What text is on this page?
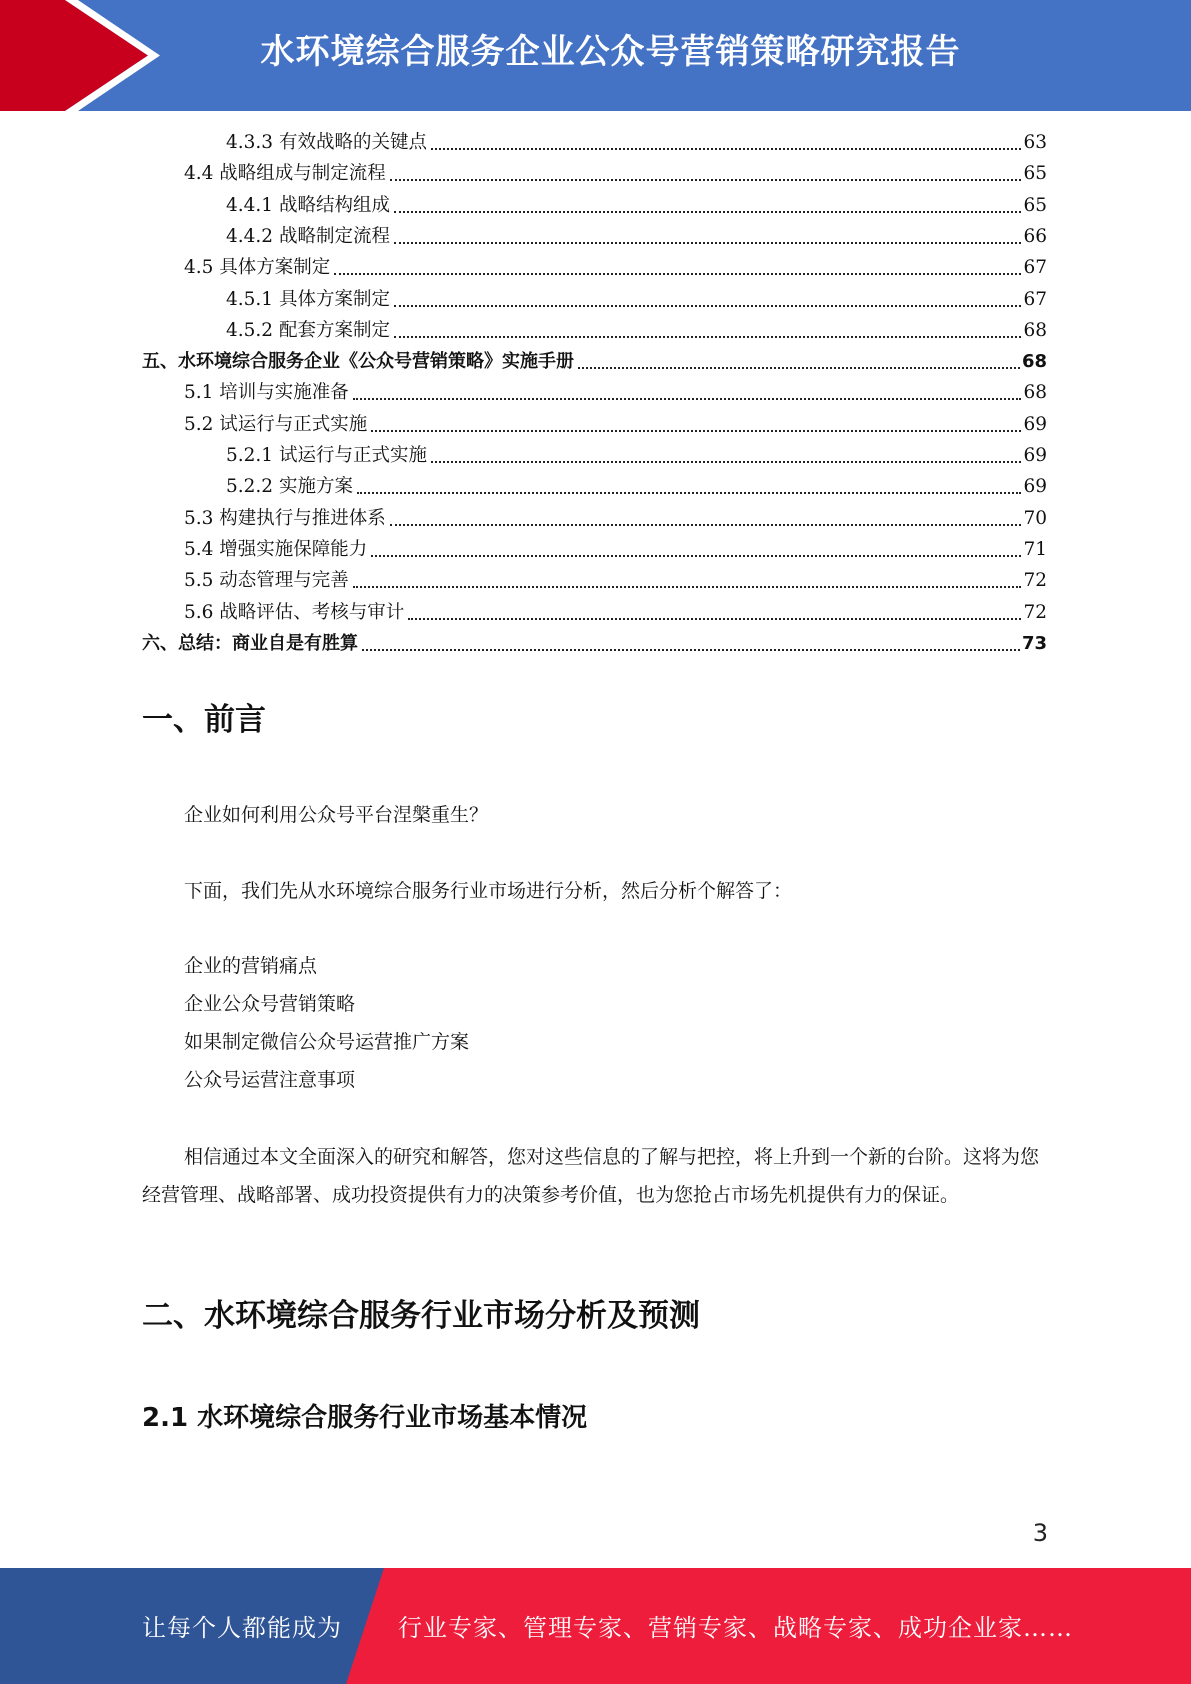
水环境综合服务企业公众号营销策略研究报告
4.3.3 有效战略的关键点	63
4.4 战略组成与制定流程	65
4.4.1 战略结构组成	65
4.4.2 战略制定流程	66
4.5 具体方案制定	67
4.5.1 具体方案制定	67
4.5.2 配套方案制定	68
五、水环境综合服务企业《公众号营销策略》实施手册	68
5.1 培训与实施准备	68
5.2 试运行与正式实施	69
5.2.1 试运行与正式实施	69
5.2.2 实施方案	69
5.3 构建执行与推进体系	70
5.4 增强实施保障能力	71
5.5 动态管理与完善	72
5.6 战略评估、考核与审计	72
六、总结：商业自是有胜算	73
一、前言

企业如何利用公众号平台涅槃重生？

下面，我们先从水环境综合服务行业市场进行分析，然后分析个解答了：

企业的营销痛点

企业公众号营销策略

如果制定微信公众号运营推广方案

公众号运营注意事项

相信通过本文全面深入的研究和解答，您对这些信息的了解与把控，将上升到一个新的台阶。这将为您经营管理、战略部署、成功投资提供有力的决策参考价值，也为您抢占市场先机提供有力的保证。

二、水环境综合服务行业市场分析及预测
2.1 水环境综合服务行业市场基本情况
3
让每个人都能成为 行业专家、管理专家、营销专家、战略专家、成功企业家……
